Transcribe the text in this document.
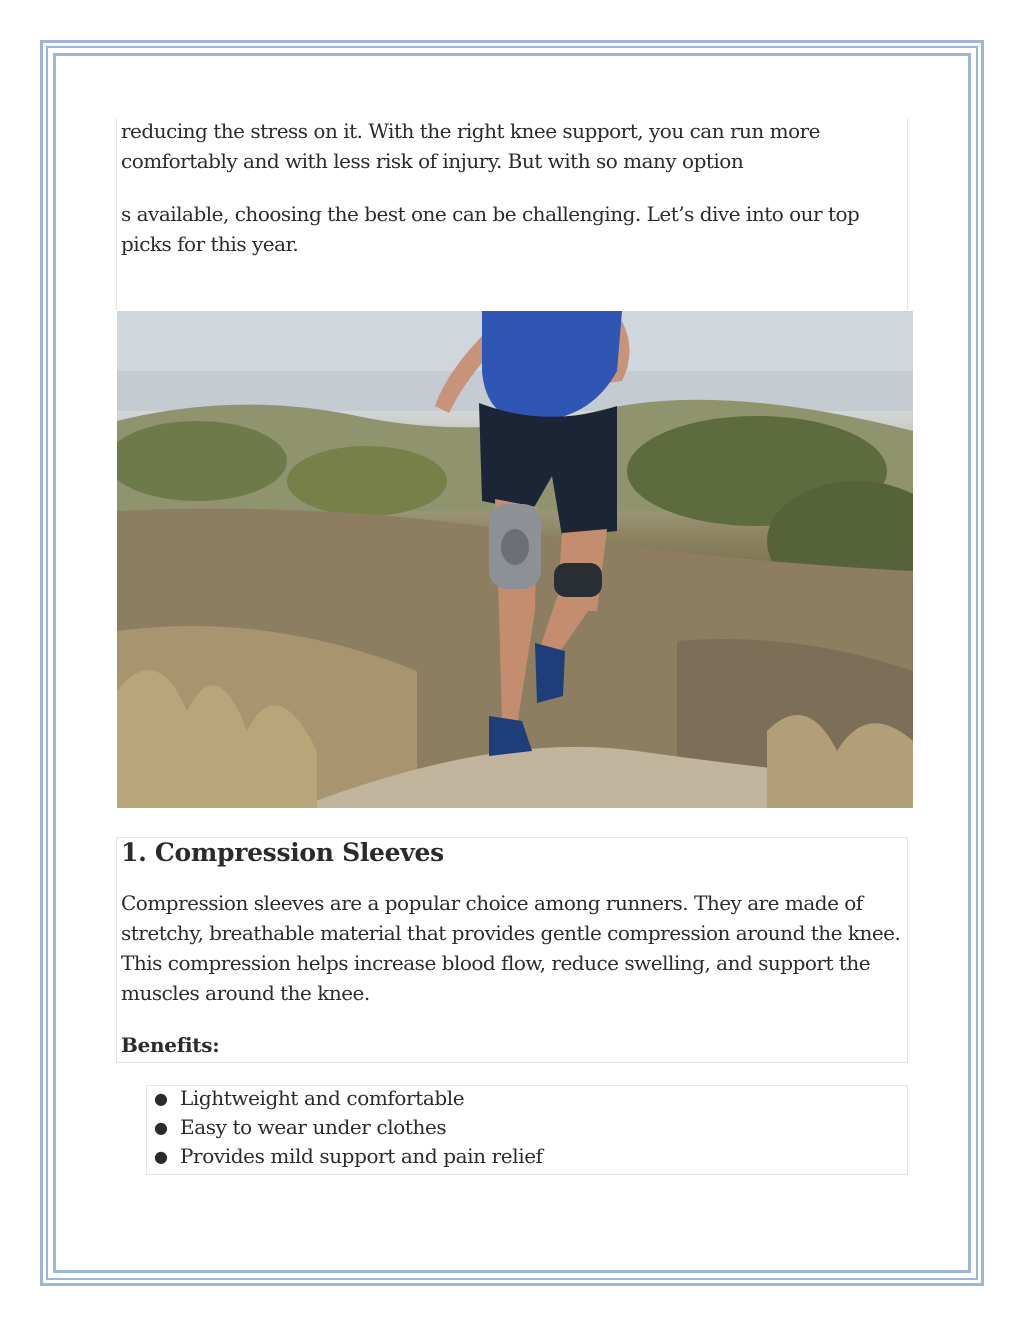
reducing the stress on it. With the right knee support, you can run more comfortably and with less risk of injury. But with so many option

s available, choosing the best one can be challenging. Let’s dive into our top picks for this year.

1. Compression Sleeves

Compression sleeves are a popular choice among runners. They are made of stretchy, breathable material that provides gentle compression around the knee. This compression helps increase blood flow, reduce swelling, and support the muscles around the knee.

Benefits:

● Lightweight and comfortable
● Easy to wear under clothes
● Provides mild support and pain relief
